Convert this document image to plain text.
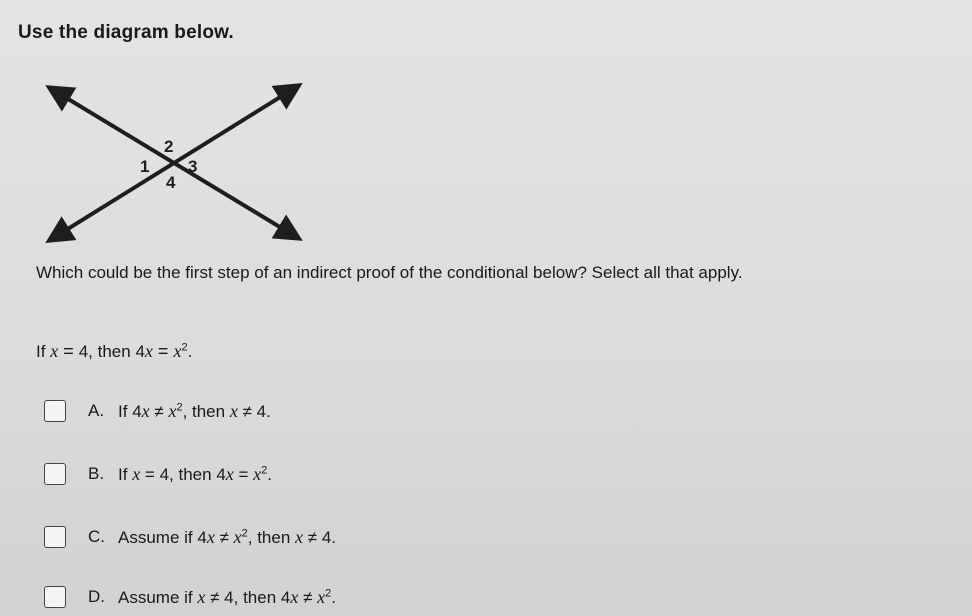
Use the diagram below.
1
2
3
4
Which could be the first step of an indirect proof of the conditional below? Select all that apply.
If x = 4, then $4x = x^2$.
A. If $4x \ne x^2$, then x ≠ 4.
B. If x = 4, then $4x = x^2$.
C. Assume if $4x \ne x^2$, then x ≠ 4.
D. Assume if x ≠ 4, then $4x \ne x^2$.
